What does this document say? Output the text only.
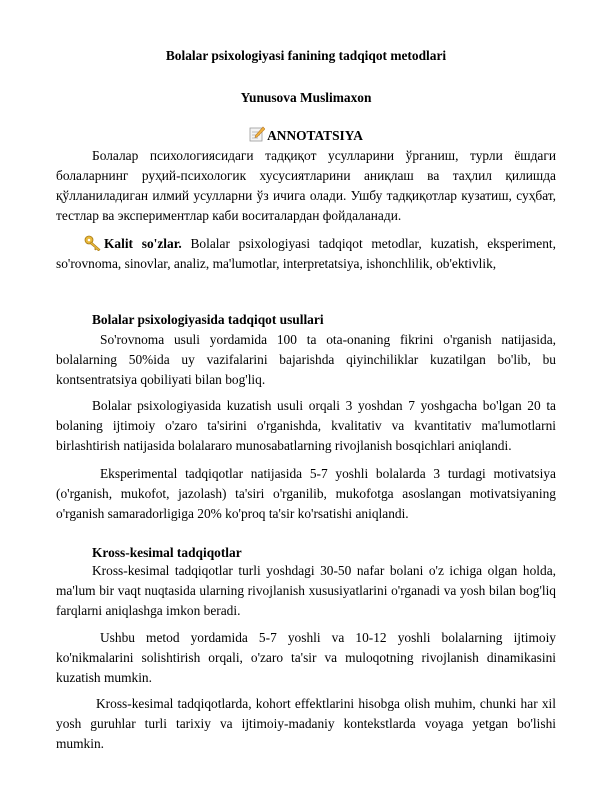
Bolalar psixologiyasi fanining tadqiqot metodlari
Yunusova Muslimaxon
ANNOTATSIYA

Болалар психологиясидаги тадқиқот усулларини ўрганиш, турли ёшдаги болаларнинг руҳий-психологик хусусиятларини аниқлаш ва таҳлил қилишда қўлланиладиган илмий усулларни ўз ичига олади. Ушбу тадқиқотлар кузатиш, суҳбат, тестлар ва экспериментлар каби воситалардан фойдаланади.

Kalit so'zlar. Bolalar psixologiyasi tadqiqot metodlar, kuzatish, eksperiment, so'rovnoma, sinovlar, analiz, ma'lumotlar, interpretatsiya, ishonchlilik, ob'ektivlik,

Bolalar psixologiyasida tadqiqot usullari

So'rovnoma usuli yordamida 100 ta ota-onaning fikrini o'rganish natijasida, bolalarning 50%ida uy vazifalarini bajarishda qiyinchiliklar kuzatilgan bo'lib, bu kontsentratsiya qobiliyati bilan bog'liq.

Bolalar psixologiyasida kuzatish usuli orqali 3 yoshdan 7 yoshgacha bo'lgan 20 ta bolaning ijtimoiy o'zaro ta'sirini o'rganishda, kvalitativ va kvantitativ ma'lumotlarni birlashtirish natijasida bolalararo munosabatlarning rivojlanish bosqichlari aniqlandi.

Eksperimental tadqiqotlar natijasida 5-7 yoshli bolalarda 3 turdagi motivatsiya (o'rganish, mukofot, jazolash) ta'siri o'rganilib, mukofotga asoslangan motivatsiyaning o'rganish samaradorligiga 20% ko'proq ta'sir ko'rsatishi aniqlandi.

Kross-kesimal tadqiqotlar

Kross-kesimal tadqiqotlar turli yoshdagi 30-50 nafar bolani o'z ichiga olgan holda, ma'lum bir vaqt nuqtasida ularning rivojlanish xususiyatlarini o'rganadi va yosh bilan bog'liq farqlarni aniqlashga imkon beradi.

Ushbu metod yordamida 5-7 yoshli va 10-12 yoshli bolalarning ijtimoiy ko'nikmalarini solishtirish orqali, o'zaro ta'sir va muloqotning rivojlanish dinamikasini kuzatish mumkin.

Kross-kesimal tadqiqotlarda, kohort effektlarini hisobga olish muhim, chunki har xil yosh guruhlar turli tarixiy va ijtimoiy-madaniy kontekstlarda voyaga yetgan bo'lishi mumkin.
